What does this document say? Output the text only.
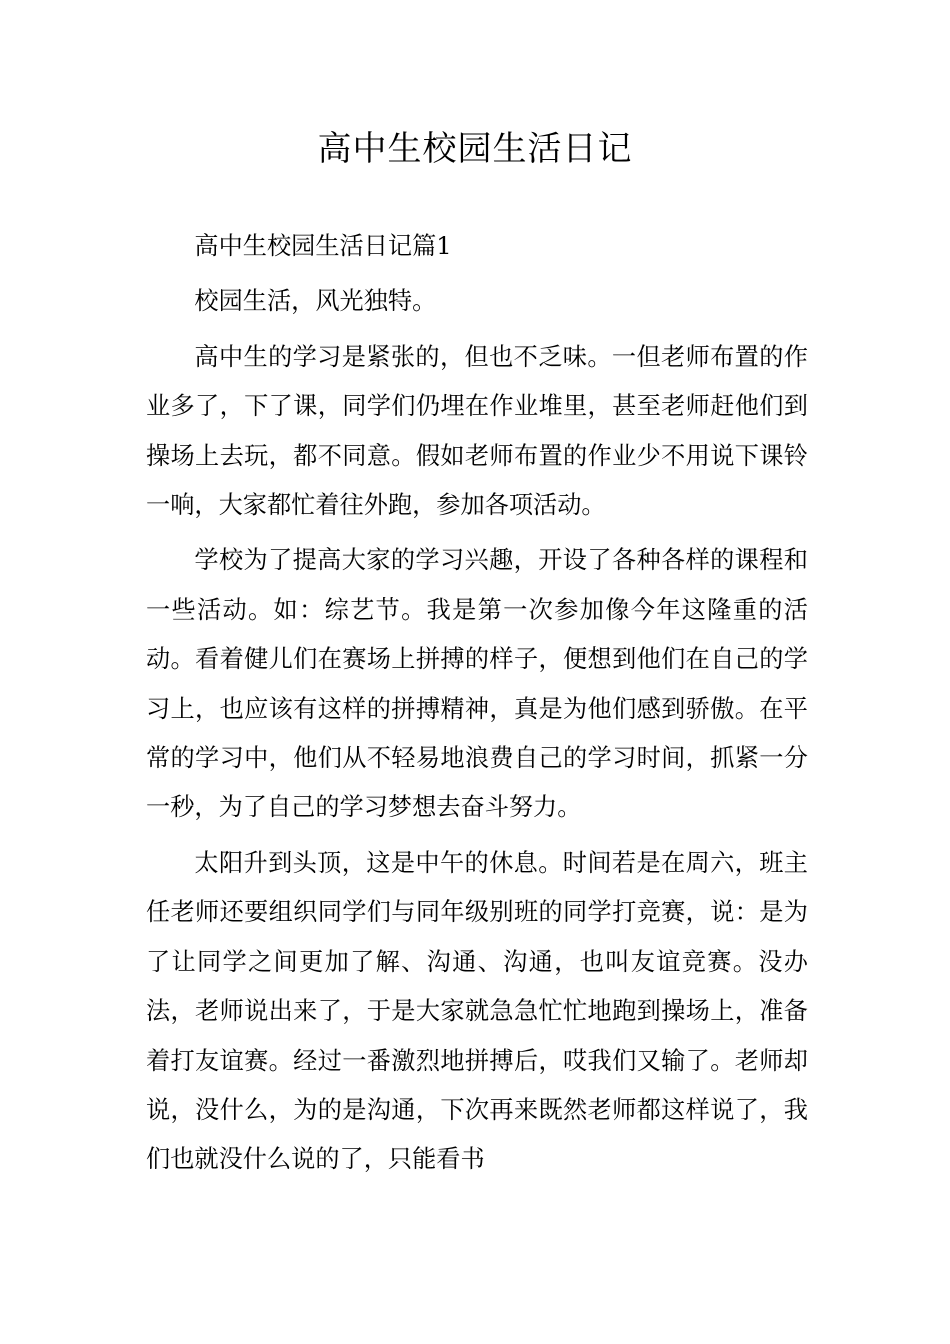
高中生校园生活日记

高中生校园生活日记篇1

校园生活，风光独特。

高中生的学习是紧张的，但也不乏味。一但老师布置的作业多了，下了课，同学们仍埋在作业堆里，甚至老师赶他们到操场上去玩，都不同意。假如老师布置的作业少不用说下课铃一响，大家都忙着往外跑，参加各项活动。

学校为了提高大家的学习兴趣，开设了各种各样的课程和一些活动。如：综艺节。我是第一次参加像今年这隆重的活动。看着健儿们在赛场上拼搏的样子，便想到他们在自己的学习上，也应该有这样的拼搏精神，真是为他们感到骄傲。在平常的学习中，他们从不轻易地浪费自己的学习时间，抓紧一分一秒，为了自己的学习梦想去奋斗努力。

太阳升到头顶，这是中午的休息。时间若是在周六，班主任老师还要组织同学们与同年级别班的同学打竞赛，说：是为了让同学之间更加了解、沟通、沟通，也叫友谊竞赛。没办法，老师说出来了，于是大家就急急忙忙地跑到操场上，准备着打友谊赛。经过一番激烈地拼搏后，哎我们又输了。老师却说，没什么，为的是沟通，下次再来既然老师都这样说了，我们也就没什么说的了，只能看书
